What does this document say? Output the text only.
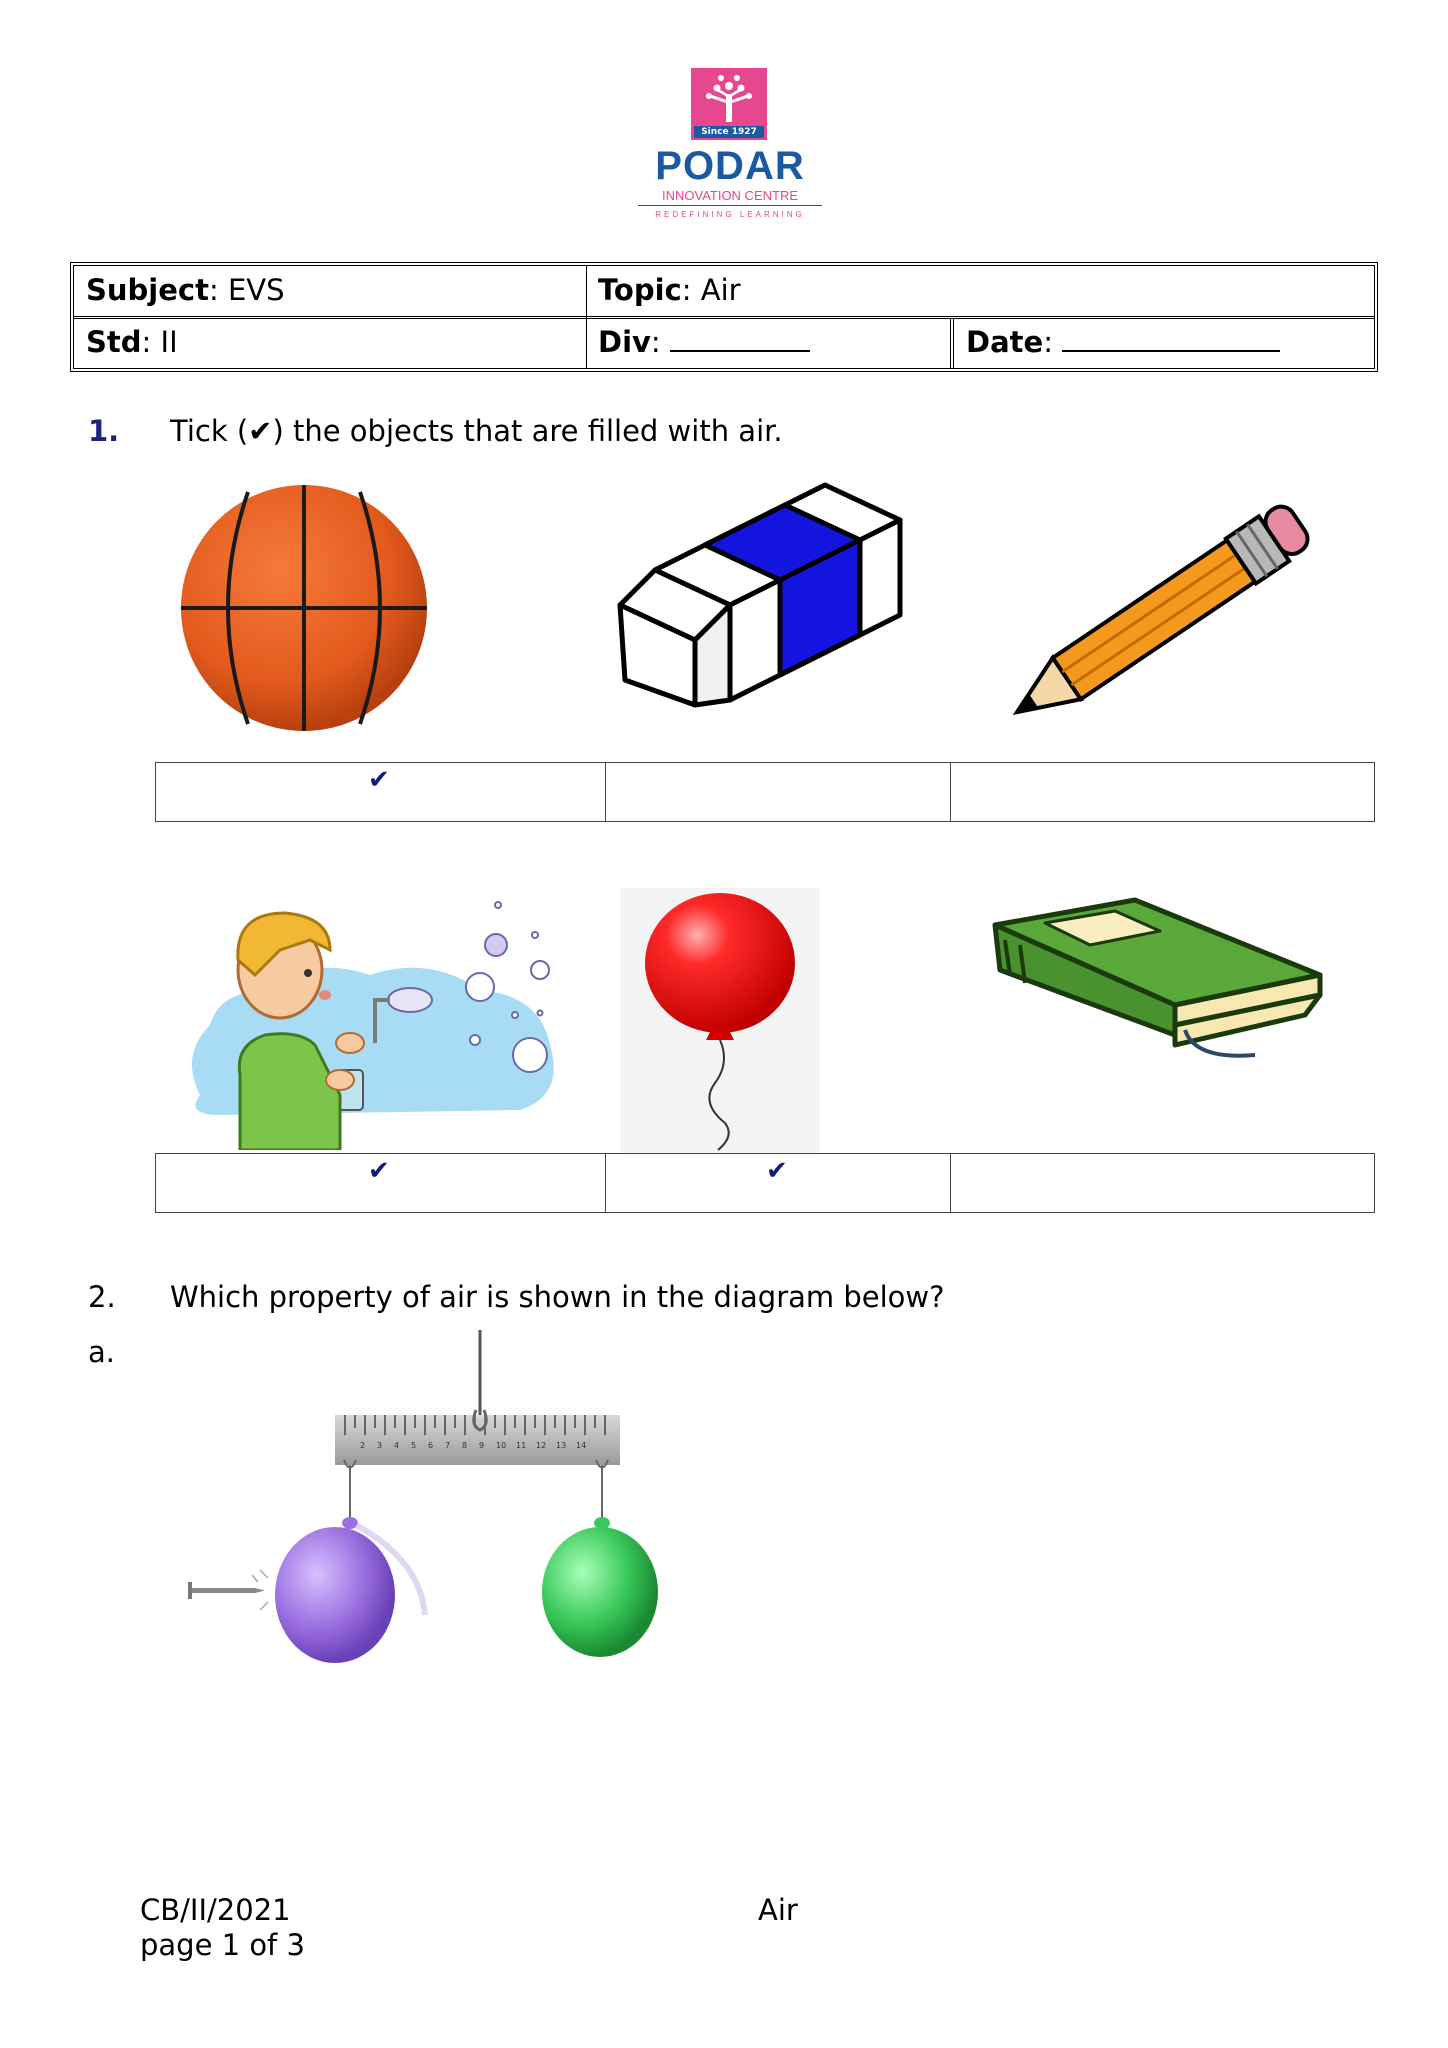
Since 1927
PODAR
INNOVATION CENTRE
REDEFINING LEARNING
Subject: EVS	Topic: Air
Std: II	Div:	Date:
1. Tick (✔) the objects that are filled with air.
✔
✔	✔
2. Which property of air is shown in the diagram below?
a.
2 3 4 5 6 7 8 9 10 11 12 13 14
CB/II/2021
page 1 of 3
Air
